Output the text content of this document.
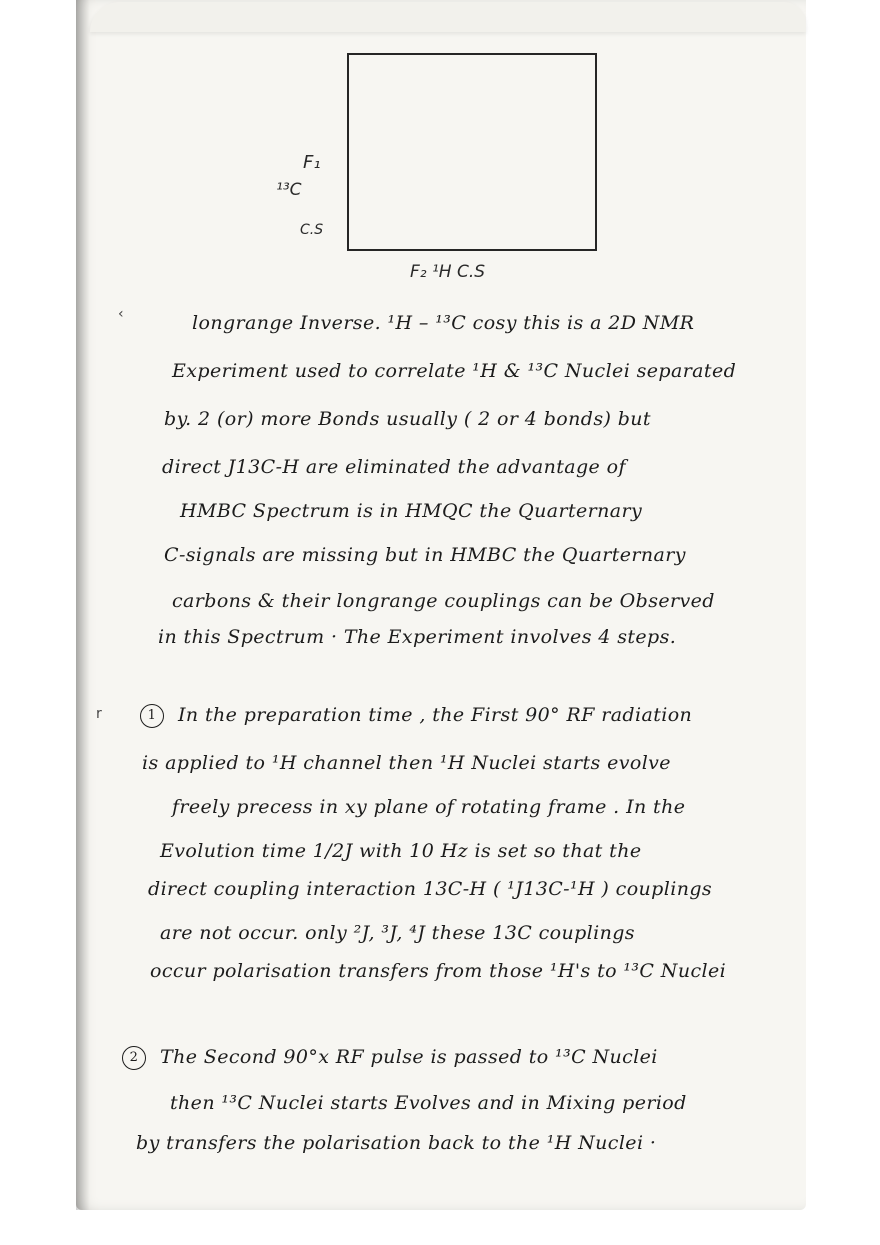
‹
r
F₁
¹³C
C.S
F₂ ¹H C.S
longrange Inverse. ¹H – ¹³C cosy this is a 2D NMR
Experiment used to correlate ¹H & ¹³C Nuclei separated
by. 2 (or) more Bonds usually ( 2 or 4 bonds) but
direct J13C-H are eliminated the advantage of
HMBC Spectrum is in HMQC the Quarternary
C-signals are missing but in HMBC the Quarternary
carbons & their longrange couplings can be Observed
in this Spectrum · The Experiment involves 4 steps.
1 In the preparation time , the First 90° RF radiation
is applied to ¹H channel then ¹H Nuclei starts evolve
freely precess in xy plane of rotating frame . In the
Evolution time 1/2J with 10 Hz is set so that the
direct coupling interaction 13C-H ( ¹J13C-¹H ) couplings
are not occur. only ²J, ³J, ⁴J these 13C couplings
occur polarisation transfers from those ¹H's to ¹³C Nuclei
2 The Second 90°x RF pulse is passed to ¹³C Nuclei
then ¹³C Nuclei starts Evolves and in Mixing period
by transfers the polarisation back to the ¹H Nuclei ·
